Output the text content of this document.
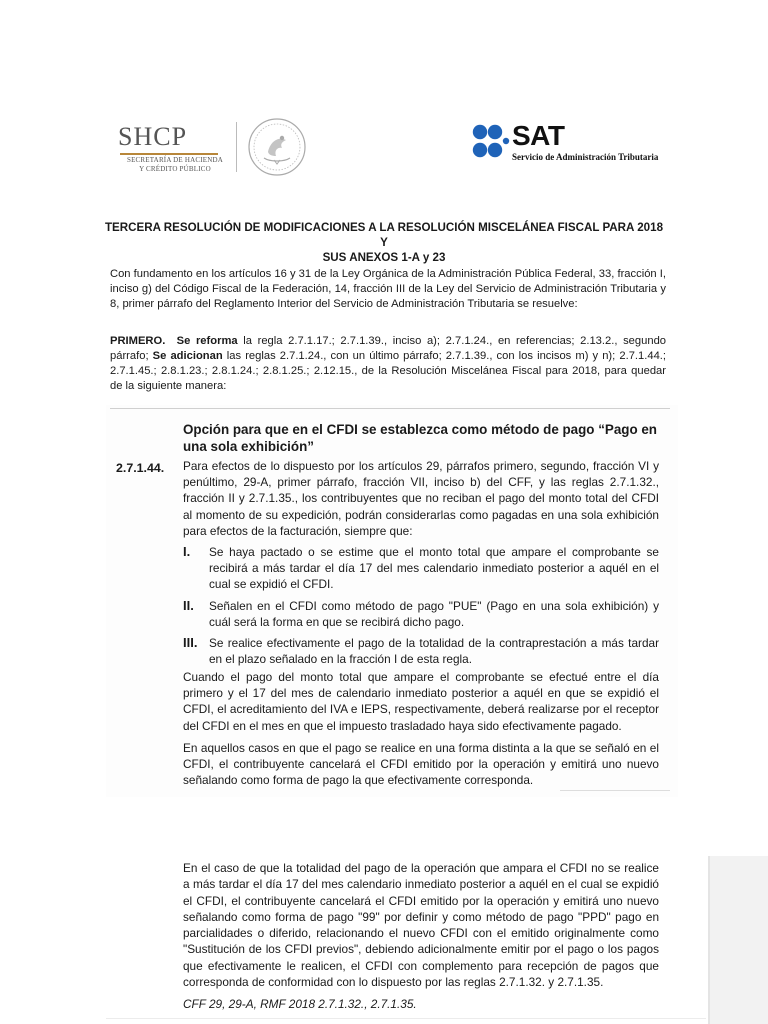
SHCP
SECRETARÍA DE HACIENDA
Y CRÉDITO PÚBLICO
SAT
Servicio de Administración Tributaria
TERCERA RESOLUCIÓN DE MODIFICACIONES A LA RESOLUCIÓN MISCELÁNEA FISCAL PARA 2018 Y
SUS ANEXOS 1-A y 23
Con fundamento en los artículos 16 y 31 de la Ley Orgánica de la Administración Pública Federal, 33, fracción I, inciso g) del Código Fiscal de la Federación, 14, fracción III de la Ley del Servicio de Administración Tributaria y 8, primer párrafo del Reglamento Interior del Servicio de Administración Tributaria se resuelve:
PRIMERO. Se reforma la regla 2.7.1.17.; 2.7.1.39., inciso a); 2.7.1.24., en referencias; 2.13.2., segundo párrafo; Se adicionan las reglas 2.7.1.24., con un último párrafo; 2.7.1.39., con los incisos m) y n); 2.7.1.44.; 2.7.1.45.; 2.8.1.23.; 2.8.1.24.; 2.8.1.25.; 2.12.15., de la Resolución Miscelánea Fiscal para 2018, para quedar de la siguiente manera:
Opción para que en el CFDI se establezca como método de pago “Pago en una sola exhibición”
2.7.1.44. Para efectos de lo dispuesto por los artículos 29, párrafos primero, segundo, fracción VI y penúltimo, 29-A, primer párrafo, fracción VII, inciso b) del CFF, y las reglas 2.7.1.32., fracción II y 2.7.1.35., los contribuyentes que no reciban el pago del monto total del CFDI al momento de su expedición, podrán considerarlas como pagadas en una sola exhibición para efectos de la facturación, siempre que:
I. Se haya pactado o se estime que el monto total que ampare el comprobante se recibirá a más tardar el día 17 del mes calendario inmediato posterior a aquél en el cual se expidió el CFDI.
II. Señalen en el CFDI como método de pago "PUE" (Pago en una sola exhibición) y cuál será la forma en que se recibirá dicho pago.
III. Se realice efectivamente el pago de la totalidad de la contraprestación a más tardar en el plazo señalado en la fracción I de esta regla.
Cuando el pago del monto total que ampare el comprobante se efectué entre el día primero y el 17 del mes de calendario inmediato posterior a aquél en que se expidió el CFDI, el acreditamiento del IVA e IEPS, respectivamente, deberá realizarse por el receptor del CFDI en el mes en que el impuesto trasladado haya sido efectivamente pagado.
En aquellos casos en que el pago se realice en una forma distinta a la que se señaló en el CFDI, el contribuyente cancelará el CFDI emitido por la operación y emitirá uno nuevo señalando como forma de pago la que efectivamente corresponda.
En el caso de que la totalidad del pago de la operación que ampara el CFDI no se realice a más tardar el día 17 del mes calendario inmediato posterior a aquél en el cual se expidió el CFDI, el contribuyente cancelará el CFDI emitido por la operación y emitirá uno nuevo señalando como forma de pago "99" por definir y como método de pago "PPD" pago en parcialidades o diferido, relacionando el nuevo CFDI con el emitido originalmente como "Sustitución de los CFDI previos", debiendo adicionalmente emitir por el pago o los pagos que efectivamente le realicen, el CFDI con complemento para recepción de pagos que corresponda de conformidad con lo dispuesto por las reglas 2.7.1.32. y 2.7.1.35.
CFF 29, 29-A, RMF 2018 2.7.1.32., 2.7.1.35.
